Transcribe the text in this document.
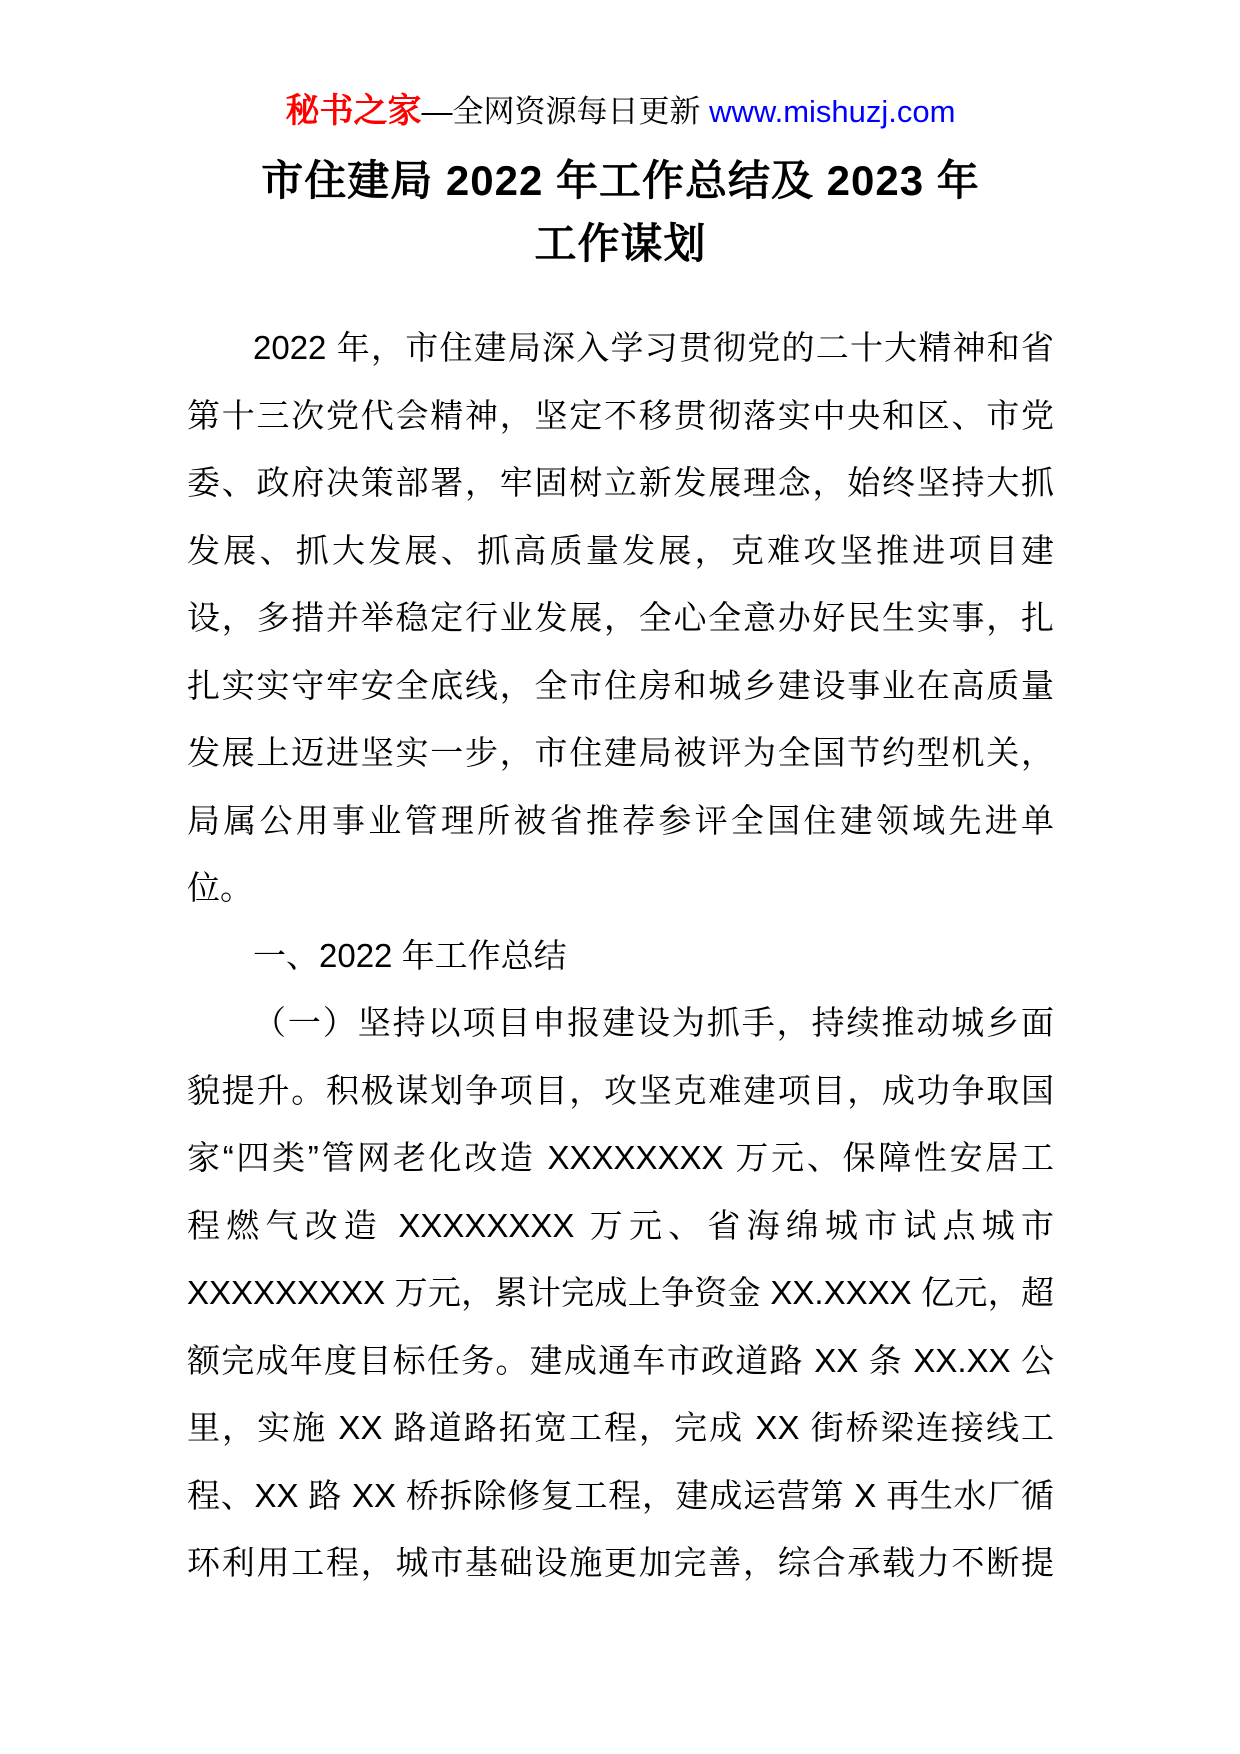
秘书之家—全网资源每日更新 www.mishuzj.com
市住建局 2022 年工作总结及 2023 年
工作谋划
2022 年，市住建局深入学习贯彻党的二十大精神和省
第十三次党代会精神，坚定不移贯彻落实中央和区、市党
委、政府决策部署，牢固树立新发展理念，始终坚持大抓
发展、抓大发展、抓高质量发展，克难攻坚推进项目建
设，多措并举稳定行业发展，全心全意办好民生实事，扎
扎实实守牢安全底线，全市住房和城乡建设事业在高质量
发展上迈进坚实一步，市住建局被评为全国节约型机关，
局属公用事业管理所被省推荐参评全国住建领域先进单
位。
一、2022 年工作总结
（一）坚持以项目申报建设为抓手，持续推动城乡面
貌提升。积极谋划争项目，攻坚克难建项目，成功争取国
家“四类”管网老化改造 XXXXXXXX 万元、保障性安居工
程燃气改造 XXXXXXXX 万元、省海绵城市试点城市
XXXXXXXXX 万元，累计完成上争资金 XX.XXXX 亿元，超
额完成年度目标任务。建成通车市政道路 XX 条 XX.XX 公
里，实施 XX 路道路拓宽工程，完成 XX 街桥梁连接线工
程、XX 路 XX 桥拆除修复工程，建成运营第 X 再生水厂循
环利用工程，城市基础设施更加完善，综合承载力不断提
